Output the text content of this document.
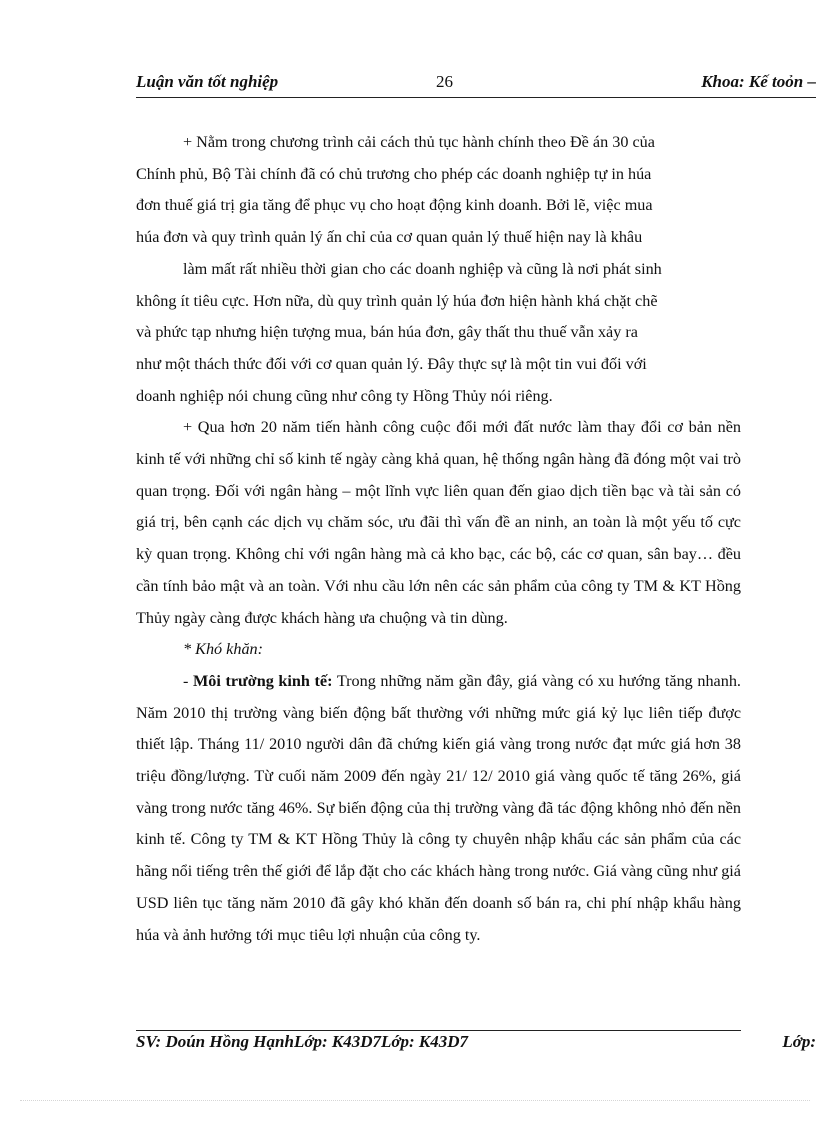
Luận văn tốt nghiệp	26	Khoa: Kế toỏn –

+ Nằm trong chương trình cải cách thủ tục hành chính theo Đề án 30 của

Chính phủ, Bộ Tài chính đã có chủ trương cho phép các doanh nghiệp tự in húa

đơn thuế giá trị gia tăng để phục vụ cho hoạt động kinh doanh. Bởi lẽ, việc mua

húa đơn và quy trình quản lý ấn chỉ của cơ quan quản lý thuế hiện nay là khâu

làm mất rất nhiều thời gian cho các doanh nghiệp và cũng là nơi phát sinh

không ít tiêu cực. Hơn nữa, dù quy trình quản lý húa đơn hiện hành khá chặt chẽ

và phức tạp nhưng hiện tượng mua, bán húa đơn, gây thất thu thuế vẫn xảy ra

như một thách thức đối với cơ quan quản lý. Đây thực sự là một tin vui đối với

doanh nghiệp nói chung cũng như công ty Hồng Thủy nói riêng.

+ Qua hơn 20 năm tiến hành công cuộc đổi mới đất nước làm thay đổi cơ bản nền kinh tế với những chỉ số kinh tế ngày càng khả quan, hệ thống ngân hàng đã đóng một vai trò quan trọng. Đối với ngân hàng – một lĩnh vực liên quan đến giao dịch tiền bạc và tài sản có giá trị, bên cạnh các dịch vụ chăm sóc, ưu đãi thì vấn đề an ninh, an toàn là một yếu tố cực kỳ quan trọng. Không chỉ với ngân hàng mà cả kho bạc, các bộ, các cơ quan, sân bay… đều cần tính bảo mật và an toàn. Với nhu cầu lớn nên các sản phẩm của công ty TM & KT Hồng Thủy ngày càng được khách hàng ưa chuộng và tin dùng.

* Khó khăn:

- Môi trường kinh tế: Trong những năm gần đây, giá vàng có xu hướng tăng nhanh. Năm 2010 thị trường vàng biến động bất thường với những mức giá kỷ lục liên tiếp được thiết lập. Tháng 11/ 2010 người dân đã chứng kiến giá vàng trong nước đạt mức giá hơn 38 triệu đồng/lượng. Từ cuối năm 2009 đến ngày 21/ 12/ 2010 giá vàng quốc tế tăng 26%, giá vàng trong nước tăng 46%. Sự biến động của thị trường vàng đã tác động không nhỏ đến nền kinh tế. Công ty TM & KT Hồng Thủy là công ty chuyên nhập khẩu các sản phẩm của các hãng nổi tiếng trên thế giới để lắp đặt cho các khách hàng trong nước. Giá vàng cũng như giá USD liên tục tăng năm 2010 đã gây khó khăn đến doanh số bán ra, chi phí nhập khẩu hàng húa và ảnh hưởng tới mục tiêu lợi nhuận của công ty.

SV: Doún Hồng HạnhLớp: K43D7Lớp: K43D7	Lớp:
